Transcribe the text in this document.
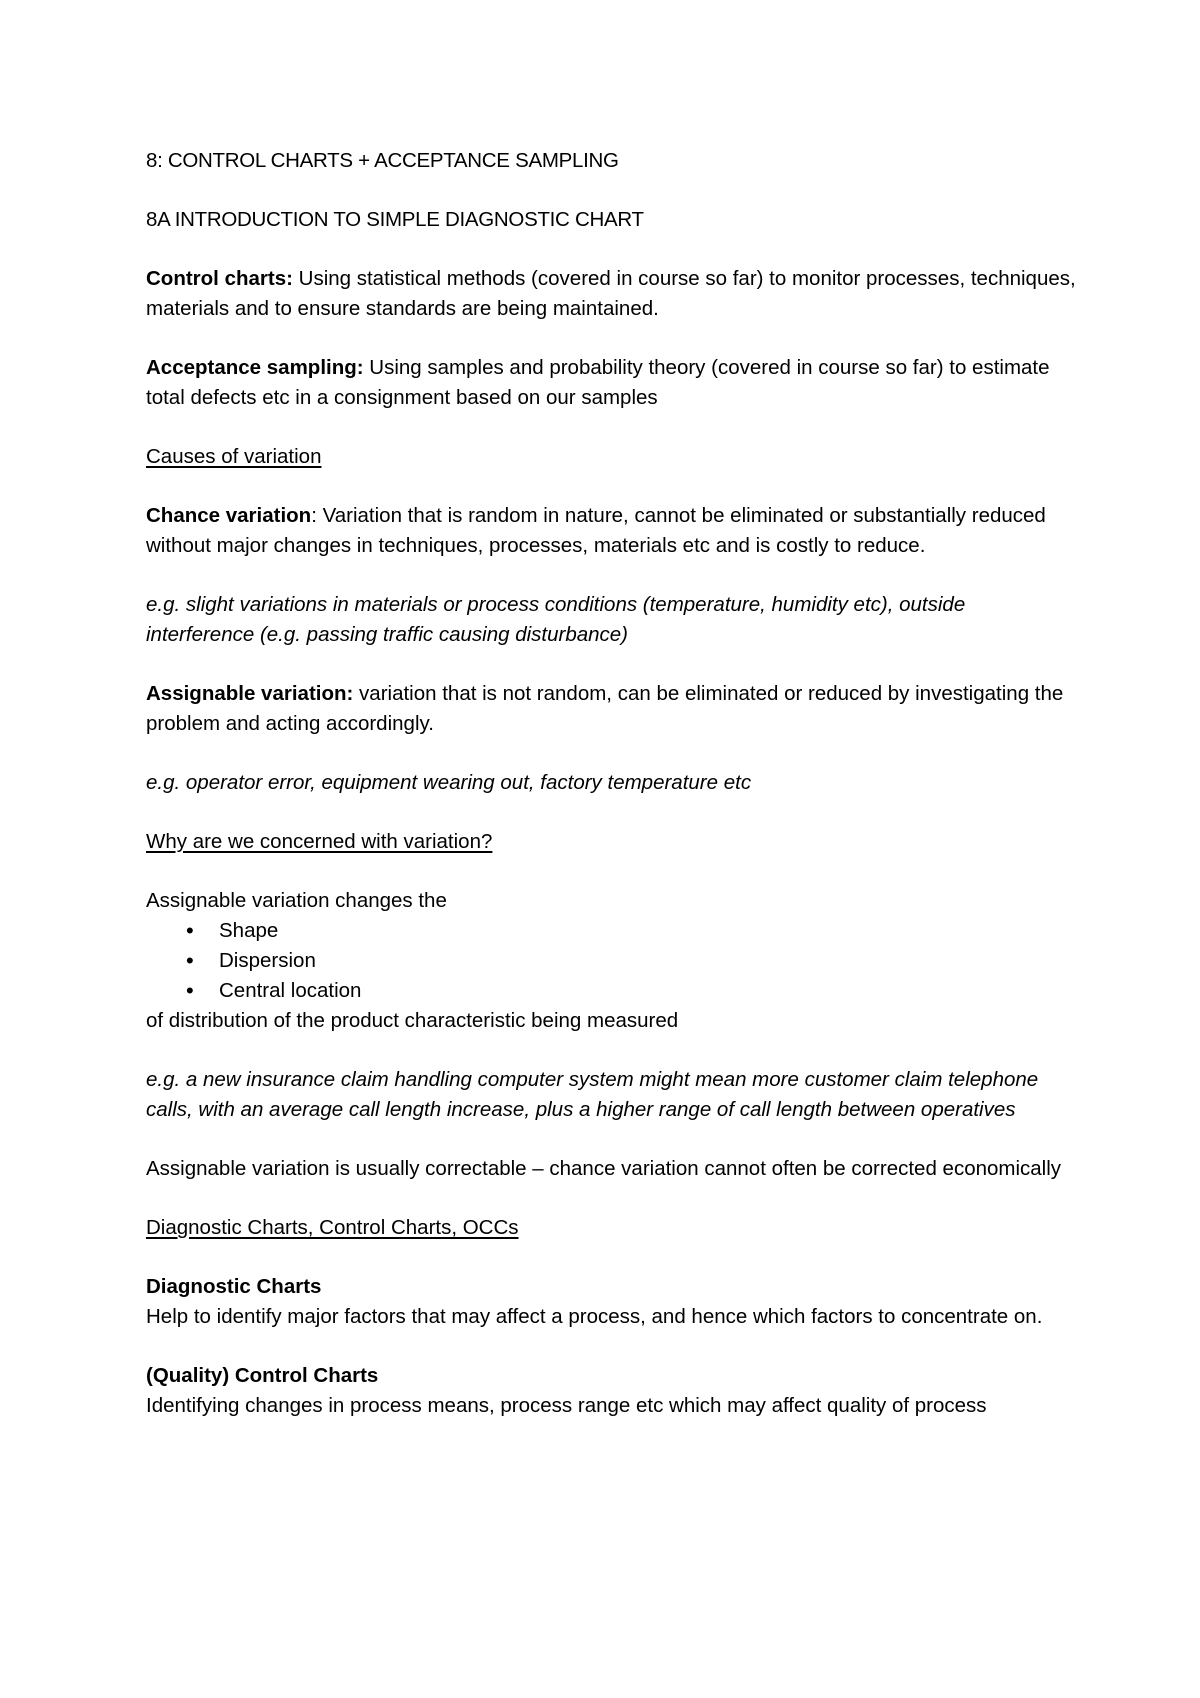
8: CONTROL CHARTS + ACCEPTANCE SAMPLING

8A INTRODUCTION TO SIMPLE DIAGNOSTIC CHART

Control charts: Using statistical methods (covered in course so far) to monitor processes, techniques, materials and to ensure standards are being maintained.

Acceptance sampling: Using samples and probability theory (covered in course so far) to estimate total defects etc in a consignment based on our samples

Causes of variation

Chance variation: Variation that is random in nature, cannot be eliminated or substantially reduced without major changes in techniques, processes, materials etc and is costly to reduce.

e.g. slight variations in materials or process conditions (temperature, humidity etc), outside interference (e.g. passing traffic causing disturbance)

Assignable variation: variation that is not random, can be eliminated or reduced by investigating the problem and acting accordingly.

e.g. operator error, equipment wearing out, factory temperature etc

Why are we concerned with variation?

Assignable variation changes the

• Shape
• Dispersion
• Central location

of distribution of the product characteristic being measured

e.g. a new insurance claim handling computer system might mean more customer claim telephone calls, with an average call length increase, plus a higher range of call length between operatives

Assignable variation is usually correctable – chance variation cannot often be corrected economically

Diagnostic Charts, Control Charts, OCCs

Diagnostic Charts
Help to identify major factors that may affect a process, and hence which factors to concentrate on.

(Quality) Control Charts
Identifying changes in process means, process range etc which may affect quality of process
